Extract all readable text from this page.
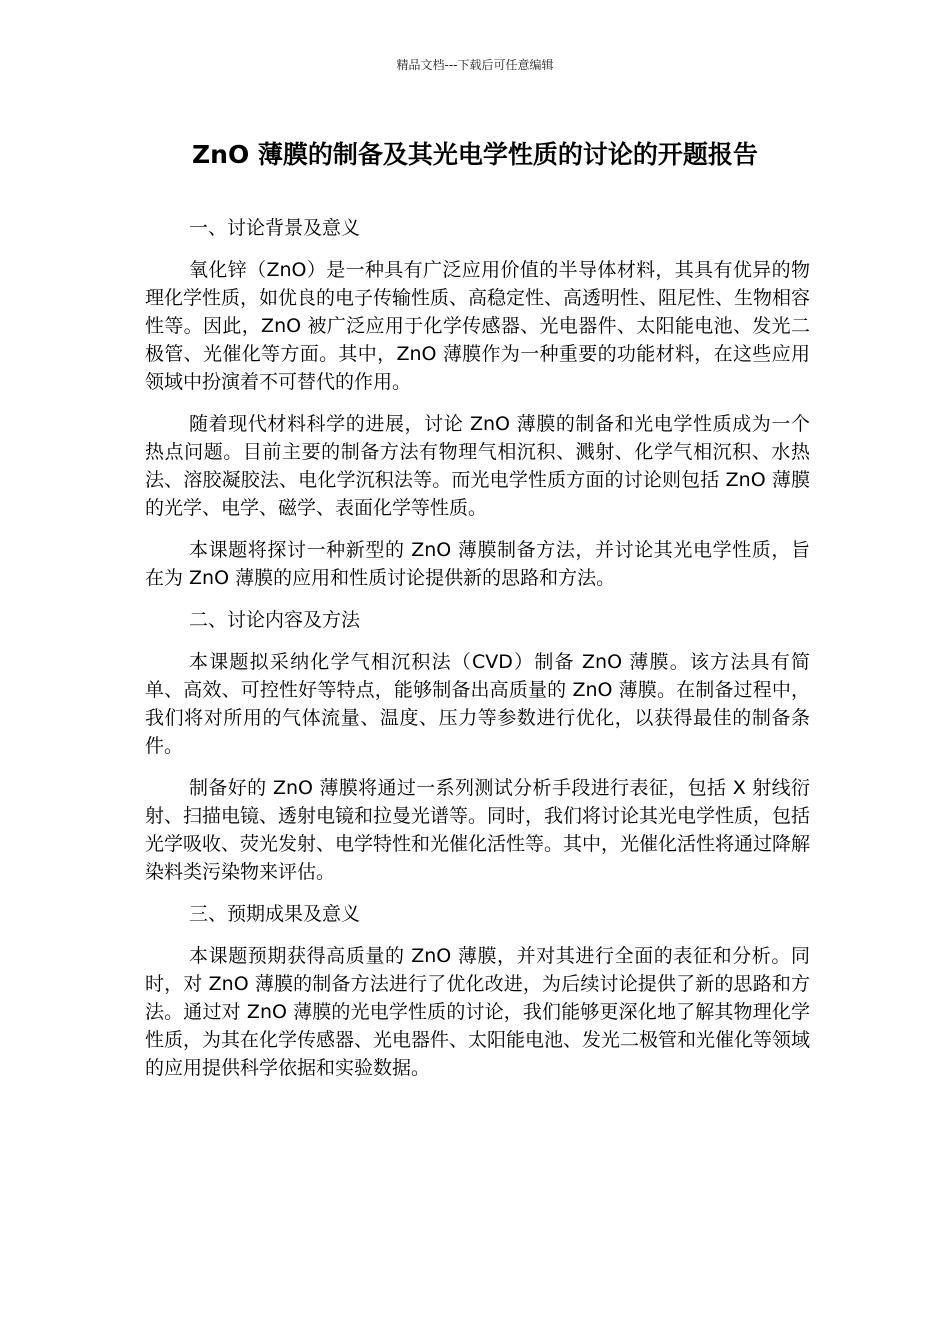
精品文档---下载后可任意编辑
ZnO 薄膜的制备及其光电学性质的讨论的开题报告

一、讨论背景及意义

氧化锌（ZnO）是一种具有广泛应用价值的半导体材料，其具有优异的物理化学性质，如优良的电子传输性质、高稳定性、高透明性、阻尼性、生物相容性等。因此，ZnO 被广泛应用于化学传感器、光电器件、太阳能电池、发光二极管、光催化等方面。其中，ZnO 薄膜作为一种重要的功能材料，在这些应用领域中扮演着不可替代的作用。

随着现代材料科学的进展，讨论 ZnO 薄膜的制备和光电学性质成为一个热点问题。目前主要的制备方法有物理气相沉积、溅射、化学气相沉积、水热法、溶胶凝胶法、电化学沉积法等。而光电学性质方面的讨论则包括 ZnO 薄膜的光学、电学、磁学、表面化学等性质。

本课题将探讨一种新型的 ZnO 薄膜制备方法，并讨论其光电学性质，旨在为 ZnO 薄膜的应用和性质讨论提供新的思路和方法。

二、讨论内容及方法

本课题拟采纳化学气相沉积法（CVD）制备 ZnO 薄膜。该方法具有简单、高效、可控性好等特点，能够制备出高质量的 ZnO 薄膜。在制备过程中，我们将对所用的气体流量、温度、压力等参数进行优化，以获得最佳的制备条件。

制备好的 ZnO 薄膜将通过一系列测试分析手段进行表征，包括 X 射线衍射、扫描电镜、透射电镜和拉曼光谱等。同时，我们将讨论其光电学性质，包括光学吸收、荧光发射、电学特性和光催化活性等。其中，光催化活性将通过降解染料类污染物来评估。

三、预期成果及意义

本课题预期获得高质量的 ZnO 薄膜，并对其进行全面的表征和分析。同时，对 ZnO 薄膜的制备方法进行了优化改进，为后续讨论提供了新的思路和方法。通过对 ZnO 薄膜的光电学性质的讨论，我们能够更深化地了解其物理化学性质，为其在化学传感器、光电器件、太阳能电池、发光二极管和光催化等领域的应用提供科学依据和实验数据。
